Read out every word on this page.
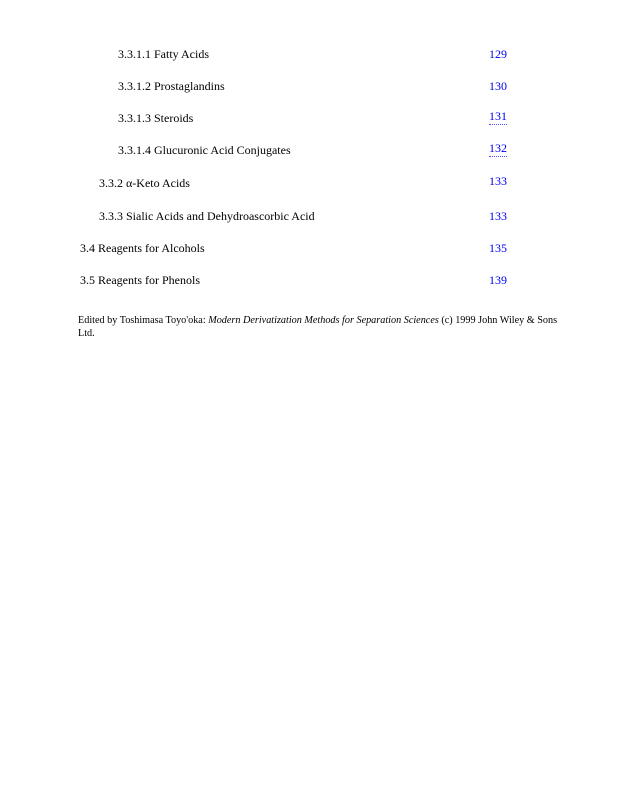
3.3.1.1 Fatty Acids	129
3.3.1.2 Prostaglandins	130
3.3.1.3 Steroids	131
3.3.1.4 Glucuronic Acid Conjugates	132
3.3.2 α-Keto Acids	133
3.3.3 Sialic Acids and Dehydroascorbic Acid	133
3.4 Reagents for Alcohols	135
3.5 Reagents for Phenols	139
Edited by Toshimasa Toyo'oka: Modern Derivatization Methods for Separation Sciences (c) 1999 John Wiley & Sons Ltd.
